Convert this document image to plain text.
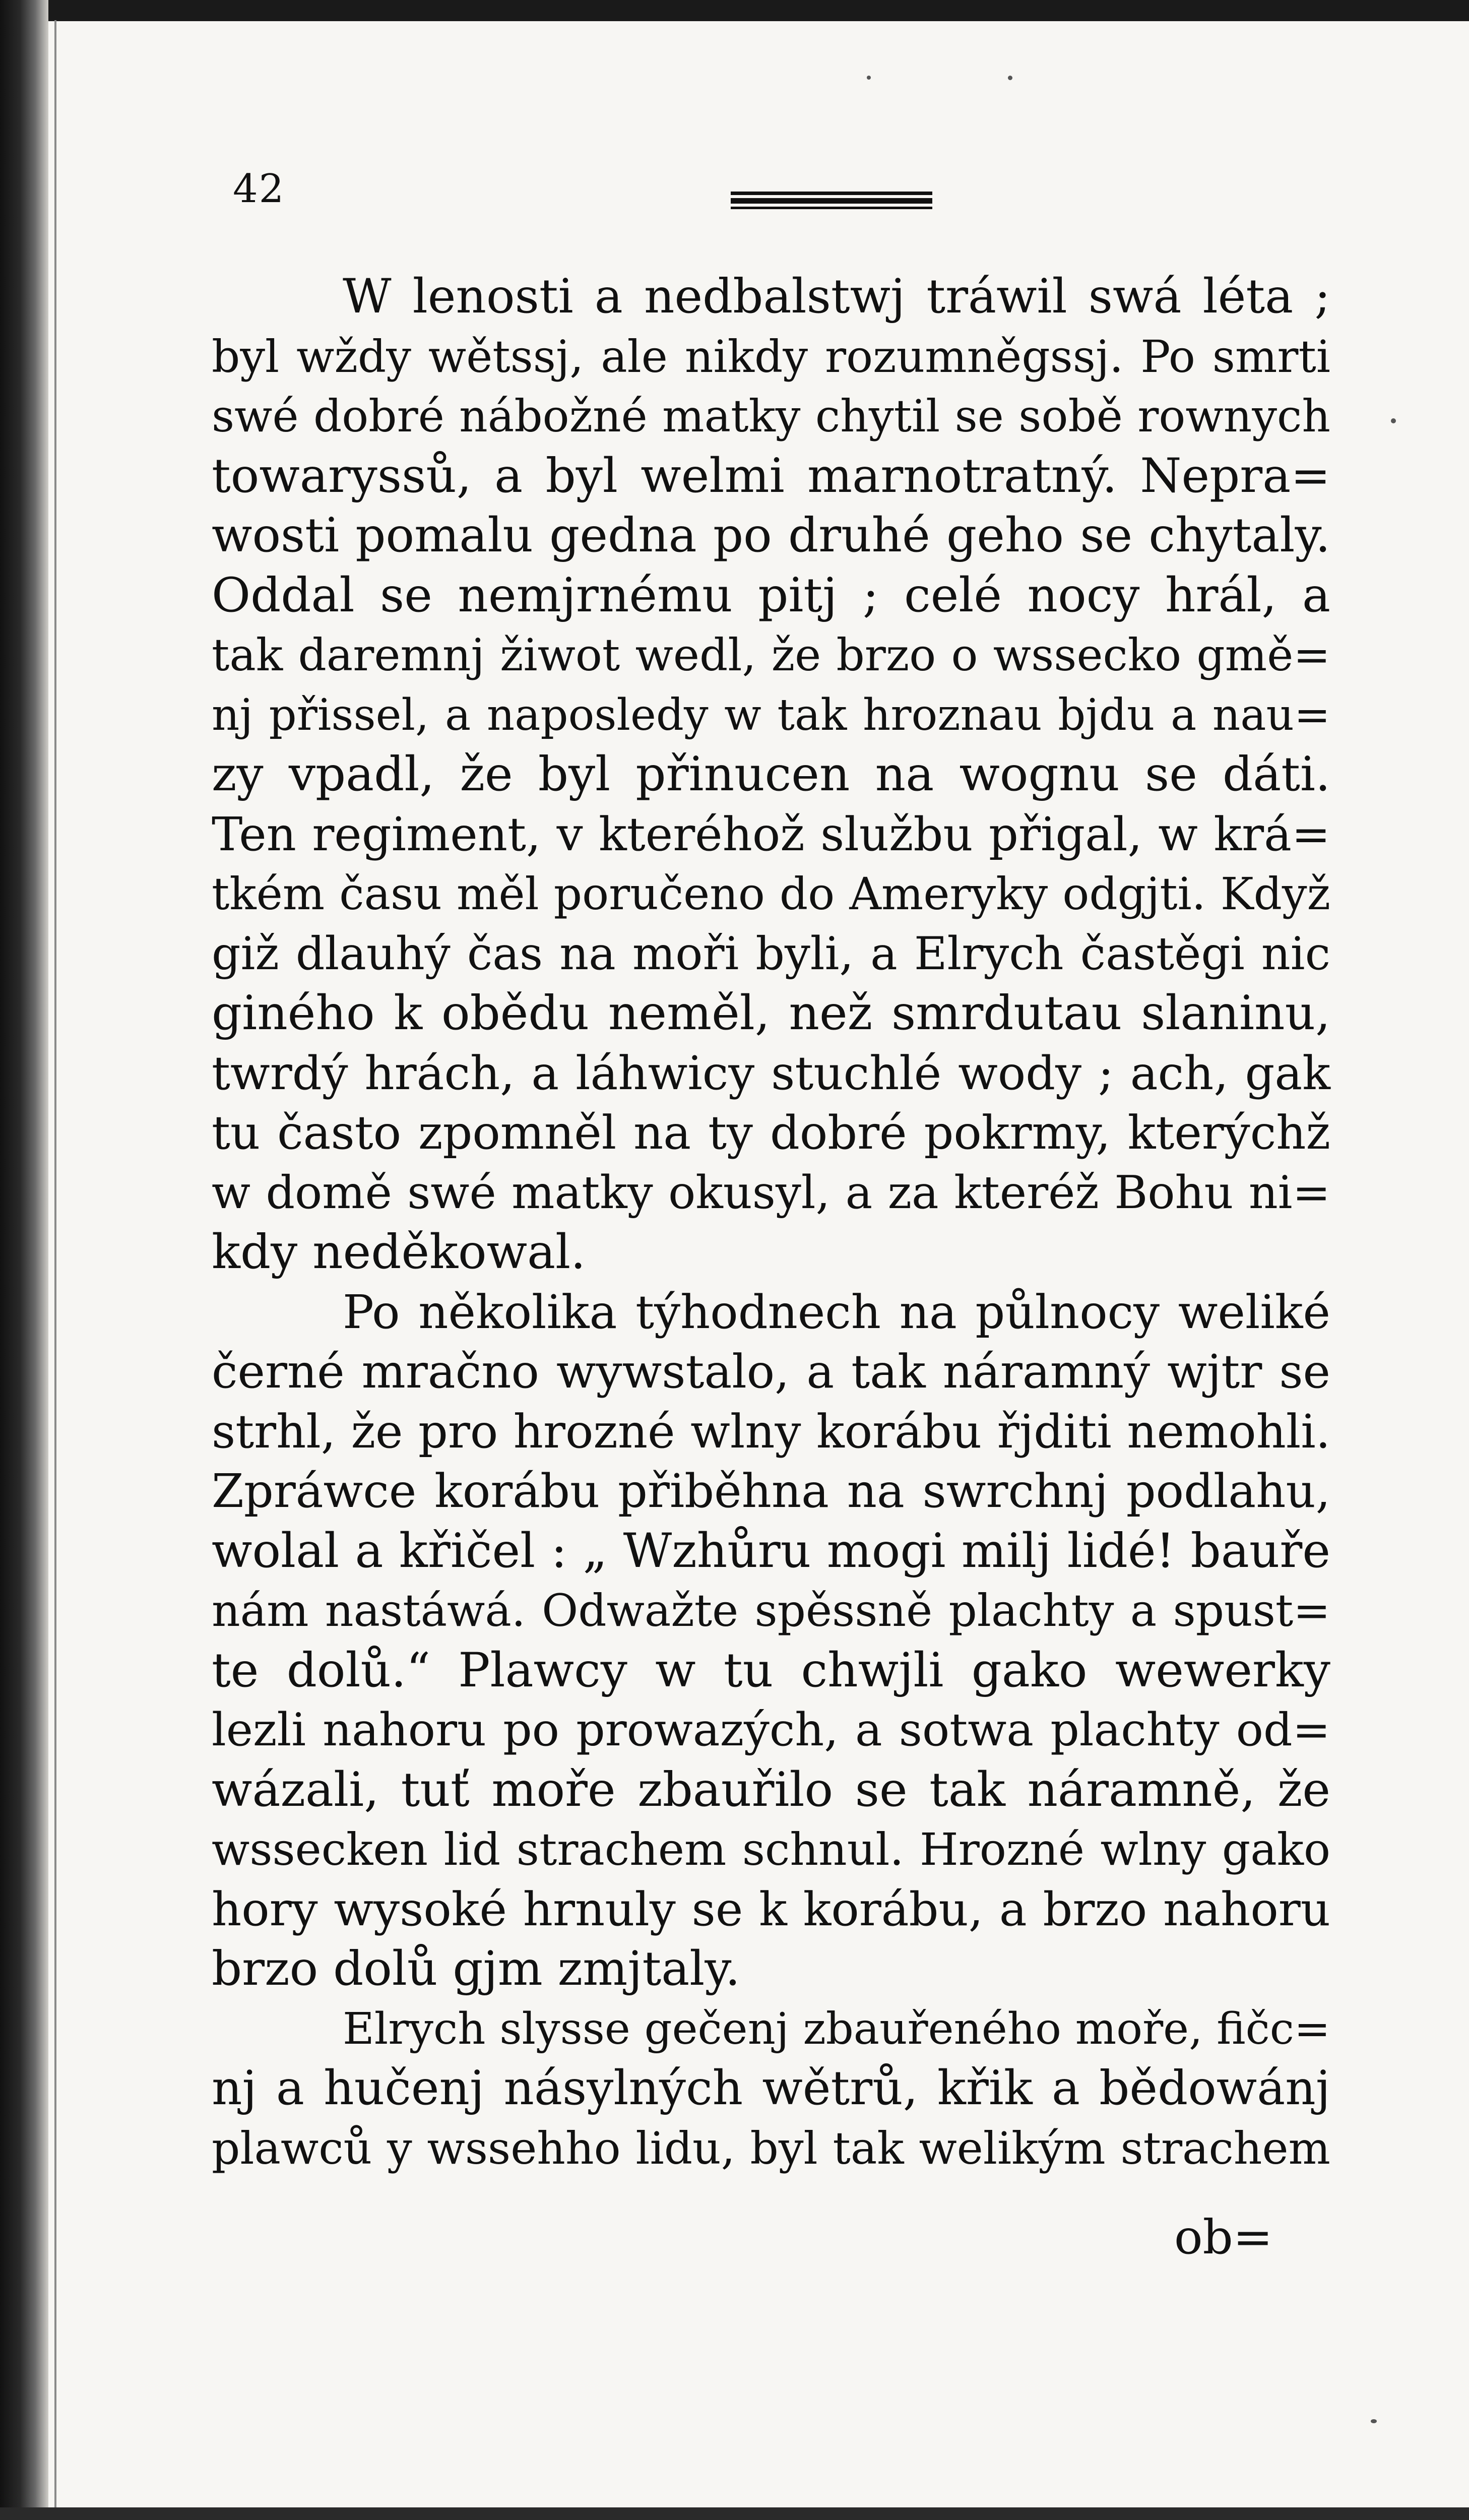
42
W lenosti a nedbalstwj tráwil swá léta ;
byl wždy wětssj, ale nikdy rozumněgssj. Po smrti
swé dobré nábožné matky chytil se sobě rownych
towaryssů, a byl welmi marnotratný. Nepra=
wosti pomalu gedna po druhé geho se chytaly.
Oddal se nemjrnému pitj ; celé nocy hrál, a
tak daremnj žiwot wedl, že brzo o wssecko gmě=
nj přissel, a naposledy w tak hroznau bjdu a nau=
zy vpadl, že byl přinucen na wognu se dáti.
Ten regiment, v kteréhož službu přigal, w krá=
tkém času měl poručeno do Ameryky odgjti. Když
giž dlauhý čas na moři byli, a Elrych častěgi nic
giného k obědu neměl, než smrdutau slaninu,
twrdý hrách, a láhwicy stuchlé wody ; ach, gak
tu často zpomněl na ty dobré pokrmy, kterýchž
w domě swé matky okusyl, a za kteréž Bohu ni=
kdy neděkowal.
Po několika týhodnech na půlnocy weliké
černé mračno wywstalo, a tak náramný wjtr se
strhl, že pro hrozné wlny korábu řjditi nemohli.
Zpráwce korábu přiběhna na swrchnj podlahu,
wolal a křičel : „ Wzhůru mogi milj lidé! bauře
nám nastáwá. Odwažte spěssně plachty a spust=
te dolů.“ Plawcy w tu chwjli gako wewerky
lezli nahoru po prowazých, a sotwa plachty od=
wázali, tuť moře zbauřilo se tak náramně, že
wssecken lid strachem schnul. Hrozné wlny gako
hory wysoké hrnuly se k korábu, a brzo nahoru
brzo dolů gjm zmjtaly.
Elrych slysse gečenj zbauřeného moře, fičc=
nj a hučenj násylných wětrů, křik a bědowánj
plawců y wssehho lidu, byl tak welikým strachem
ob=
